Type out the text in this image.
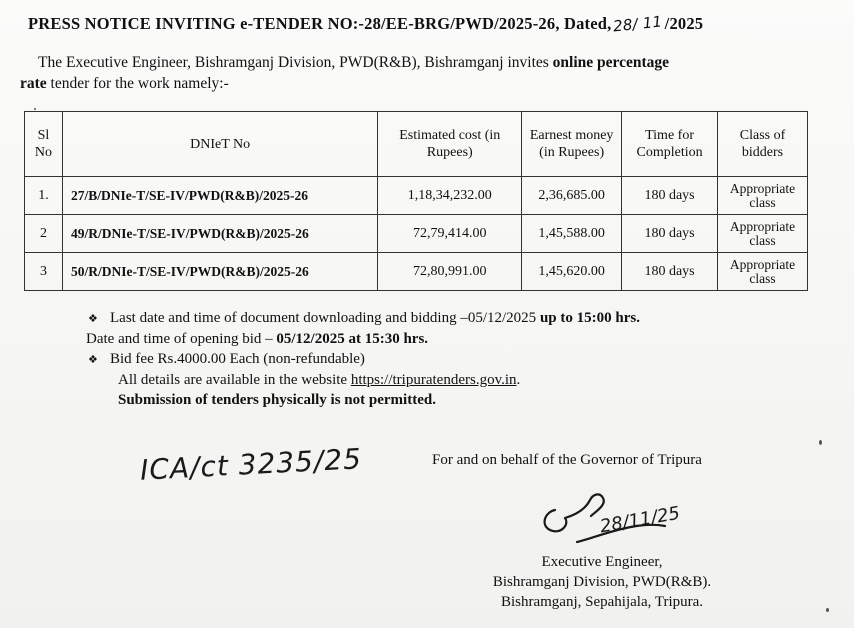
PRESS NOTICE INVITING e-TENDER NO:-28/EE-BRG/PWD/2025-26, Dated,28/ 11/2025
The Executive Engineer, Bishramganj Division, PWD(R&B), Bishramganj invites online percentage
rate tender for the work namely:-
Sl No	DNIeT No	Estimated cost (in Rupees)	Earnest money (in Rupees)	Time for Completion	Class of bidders
1.	27/B/DNIe-T/SE-IV/PWD(R&B)/2025-26	1,18,34,232.00	2,36,685.00	180 days	Appropriate class
2	49/R/DNIe-T/SE-IV/PWD(R&B)/2025-26	72,79,414.00	1,45,588.00	180 days	Appropriate class
3	50/R/DNIe-T/SE-IV/PWD(R&B)/2025-26	72,80,991.00	1,45,620.00	180 days	Appropriate class
❖ Last date and time of document downloading and bidding –05/12/2025 up to 15:00 hrs.
Date and time of opening bid – 05/12/2025 at 15:30 hrs.
❖ Bid fee Rs.4000.00 Each (non-refundable)
All details are available in the website https://tripuratenders.gov.in.
Submission of tenders physically is not permitted.
ICA/ct 3235/25	For and on behalf of the Governor of Tripura
28/11/25
Executive Engineer,
Bishramganj Division, PWD(R&B).
Bishramganj, Sepahijala, Tripura.
